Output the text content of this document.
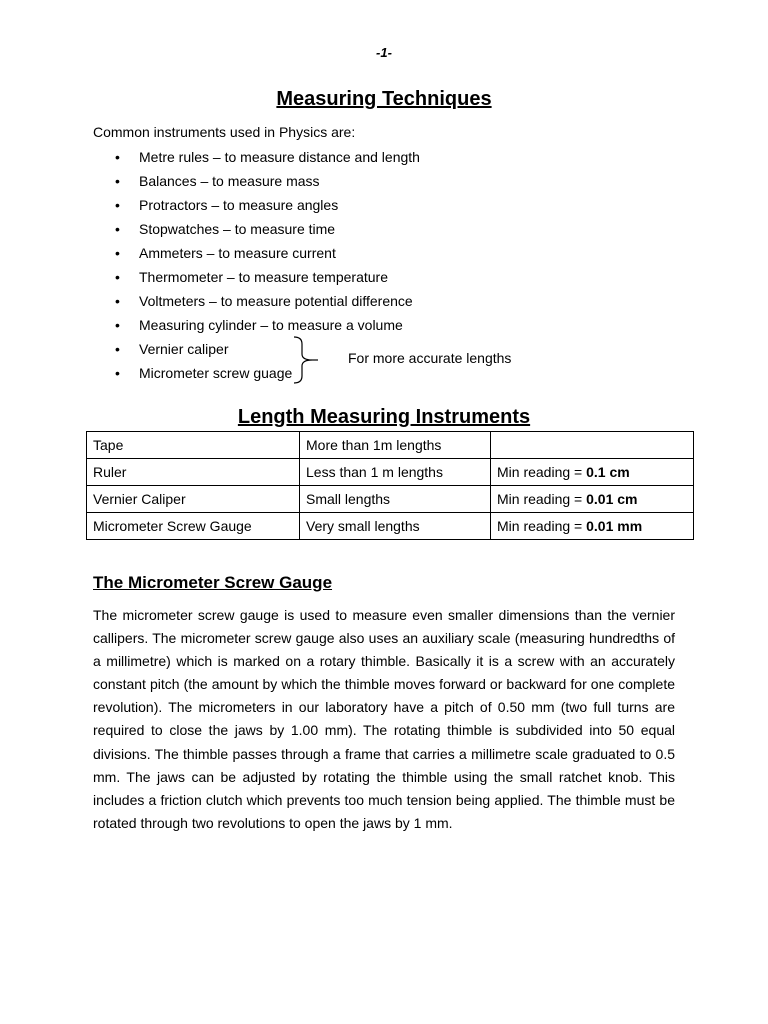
-1-
Measuring Techniques
Common instruments used in Physics are:
• Metre rules – to measure distance and length
• Balances – to measure mass
• Protractors – to measure angles
• Stopwatches – to measure time
• Ammeters – to measure current
• Thermometer – to measure temperature
• Voltmeters – to measure potential difference
• Measuring cylinder – to measure a volume
• Vernier caliper
• Micrometer screw guage
For more accurate lengths
Length Measuring Instruments
Tape	More than 1m lengths	
Ruler	Less than 1 m lengths	Min reading = 0.1 cm
Vernier Caliper	Small lengths	Min reading = 0.01 cm
Micrometer Screw Gauge	Very small lengths	Min reading = 0.01 mm
The Micrometer Screw Gauge

The micrometer screw gauge is used to measure even smaller dimensions than the vernier callipers. The micrometer screw gauge also uses an auxiliary scale (measuring hundredths of a millimetre) which is marked on a rotary thimble. Basically it is a screw with an accurately constant pitch (the amount by which the thimble moves forward or backward for one complete revolution). The micrometers in our laboratory have a pitch of 0.50 mm (two full turns are required to close the jaws by 1.00 mm). The rotating thimble is subdivided into 50 equal divisions. The thimble passes through a frame that carries a millimetre scale graduated to 0.5 mm. The jaws can be adjusted by rotating the thimble using the small ratchet knob. This includes a friction clutch which prevents too much tension being applied. The thimble must be rotated through two revolutions to open the jaws by 1 mm.
